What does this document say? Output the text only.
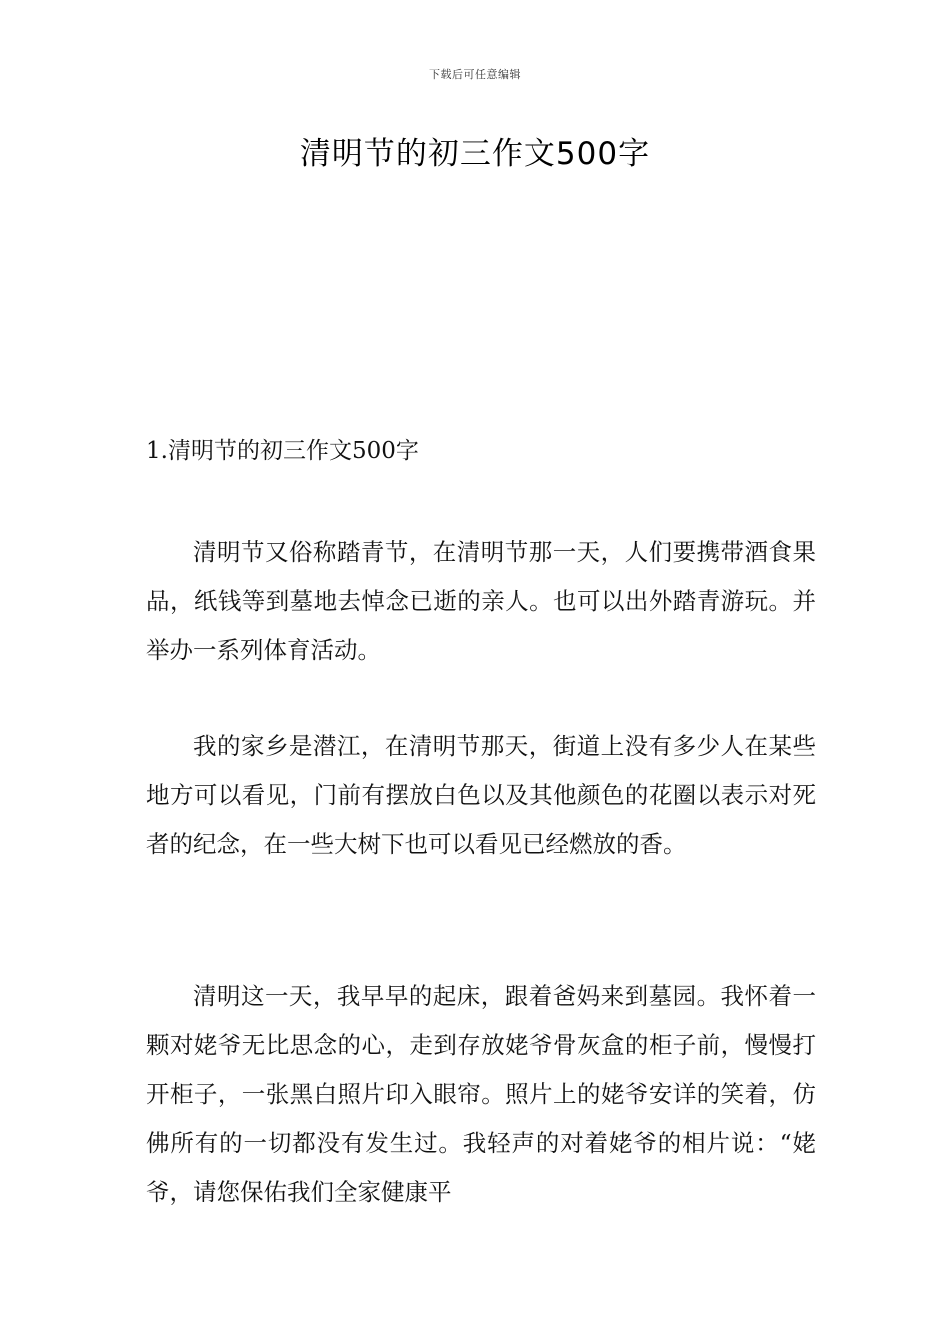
下载后可任意编辑
清明节的初三作文500字
1.清明节的初三作文500字

清明节又俗称踏青节，在清明节那一天，人们要携带酒食果品，纸钱等到墓地去悼念已逝的亲人。也可以出外踏青游玩。并举办一系列体育活动。

我的家乡是潜江，在清明节那天，街道上没有多少人在某些地方可以看见，门前有摆放白色以及其他颜色的花圈以表示对死者的纪念，在一些大树下也可以看见已经燃放的香。

清明这一天，我早早的起床，跟着爸妈来到墓园。我怀着一颗对姥爷无比思念的心，走到存放姥爷骨灰盒的柜子前，慢慢打开柜子，一张黑白照片印入眼帘。照片上的姥爷安详的笑着，仿佛所有的一切都没有发生过。我轻声的对着姥爷的相片说：“姥爷，请您保佑我们全家健康平
